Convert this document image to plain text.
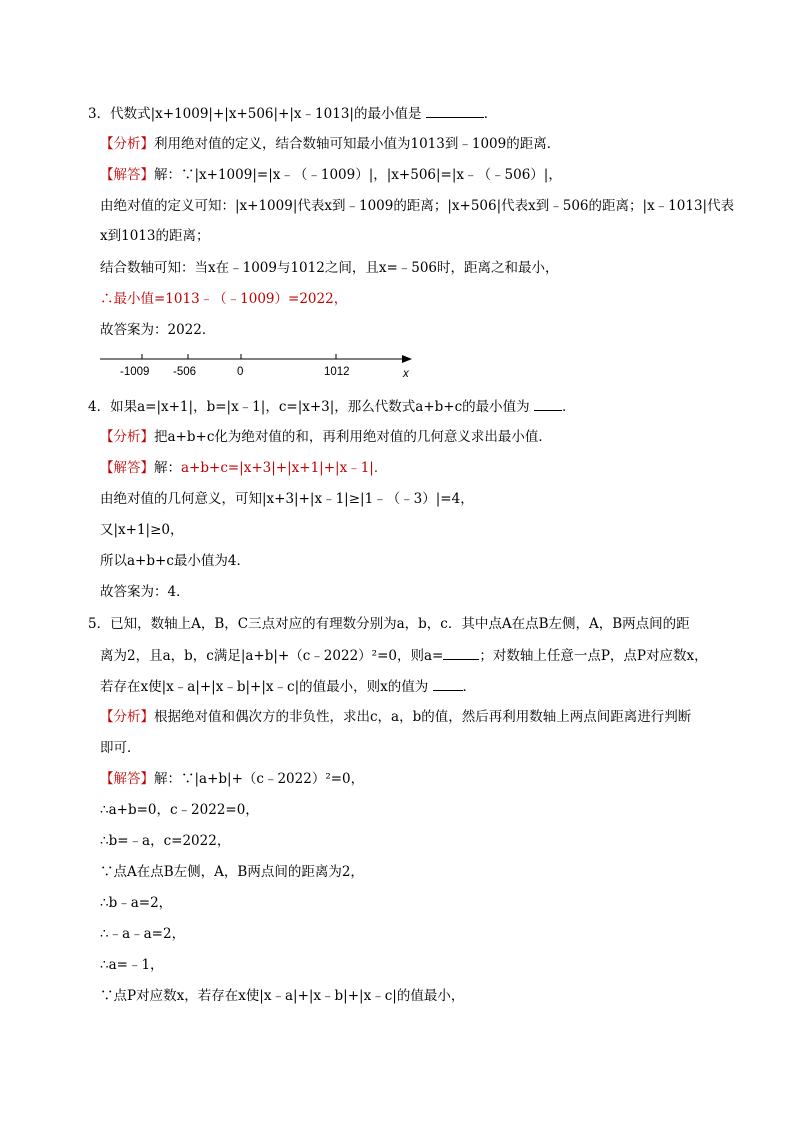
3．代数式|x+1009|+|x+506|+|x﹣1013|的最小值是	．
【分析】利用绝对值的定义，结合数轴可知最小值为1013到﹣1009的距离．
【解答】解：∵|x+1009|=|x﹣（﹣1009）|，|x+506|=|x﹣（﹣506）|，
由绝对值的定义可知：|x+1009|代表x到﹣1009的距离；|x+506|代表x到﹣506的距离；|x﹣1013|代表
x到1013的距离；
结合数轴可知：当x在﹣1009与1012之间，且x=﹣506时，距离之和最小，
∴最小值=1013﹣（﹣1009）=2022，
故答案为：2022．
-1009 -506	0	1012	x
4．如果a=|x+1|，b=|x﹣1|，c=|x+3|，那么代数式a+b+c的最小值为 ．
【分析】把a+b+c化为绝对值的和，再利用绝对值的几何意义求出最小值．
【解答】解：a+b+c=|x+3|+|x+1|+|x﹣1|．
由绝对值的几何意义，可知|x+3|+|x﹣1|≥|1﹣（﹣3）|=4，
又|x+1|≥0，
所以a+b+c最小值为4．
故答案为：4．
5．已知，数轴上A，B，C三点对应的有理数分别为a，b，c．其中点A在点B左侧，A，B两点间的距
离为2，且a，b，c满足|a+b|+（c﹣2022）²=0，则a=	；对数轴上任意一点P，点P对应数x，
若存在x使|x﹣a|+|x﹣b|+|x﹣c|的值最小，则x的值为	．
【分析】根据绝对值和偶次方的非负性，求出c，a，b的值，然后再利用数轴上两点间距离进行判断
即可．
【解答】解：∵|a+b|+（c﹣2022）²=0，
∴a+b=0，c﹣2022=0，
∴b=﹣a，c=2022，
∵点A在点B左侧，A，B两点间的距离为2，
∴b﹣a=2，
∴﹣a﹣a=2，
∴a=﹣1，
∵点P对应数x，若存在x使|x﹣a|+|x﹣b|+|x﹣c|的值最小，
